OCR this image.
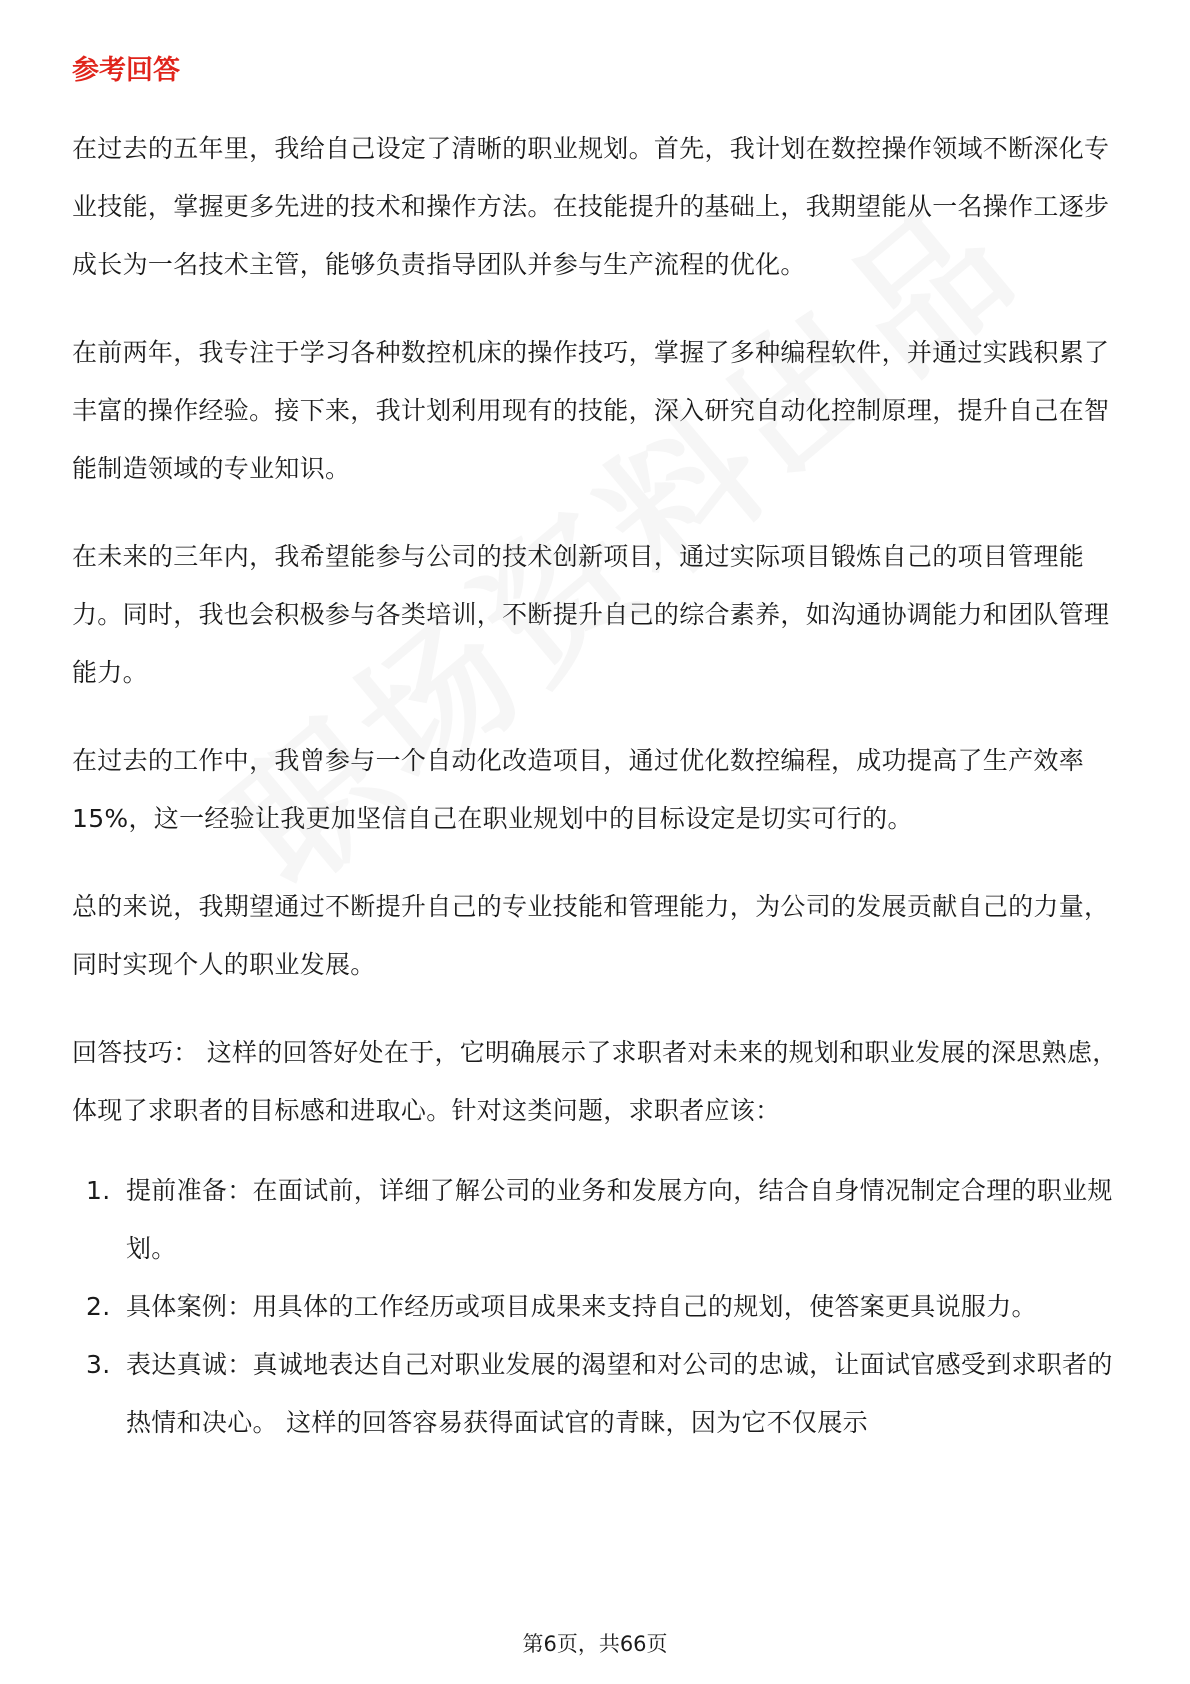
参考回答

在过去的五年里，我给自己设定了清晰的职业规划。首先，我计划在数控操作领域不断深化专业技能，掌握更多先进的技术和操作方法。在技能提升的基础上，我期望能从一名操作工逐步成长为一名技术主管，能够负责指导团队并参与生产流程的优化。

在前两年，我专注于学习各种数控机床的操作技巧，掌握了多种编程软件，并通过实践积累了丰富的操作经验。接下来，我计划利用现有的技能，深入研究自动化控制原理，提升自己在智能制造领域的专业知识。

在未来的三年内，我希望能参与公司的技术创新项目，通过实际项目锻炼自己的项目管理能力。同时，我也会积极参与各类培训，不断提升自己的综合素养，如沟通协调能力和团队管理能力。

在过去的工作中，我曾参与一个自动化改造项目，通过优化数控编程，成功提高了生产效率15%，这一经验让我更加坚信自己在职业规划中的目标设定是切实可行的。

总的来说，我期望通过不断提升自己的专业技能和管理能力，为公司的发展贡献自己的力量，同时实现个人的职业发展。

回答技巧： 这样的回答好处在于，它明确展示了求职者对未来的规划和职业发展的深思熟虑，体现了求职者的目标感和进取心。针对这类问题，求职者应该：

1. 提前准备：在面试前，详细了解公司的业务和发展方向，结合自身情况制定合理的职业规划。
2. 具体案例：用具体的工作经历或项目成果来支持自己的规划，使答案更具说服力。
3. 表达真诚：真诚地表达自己对职业发展的渴望和对公司的忠诚，让面试官感受到求职者的热情和决心。 这样的回答容易获得面试官的青睐，因为它不仅展示
第6页，共66页
